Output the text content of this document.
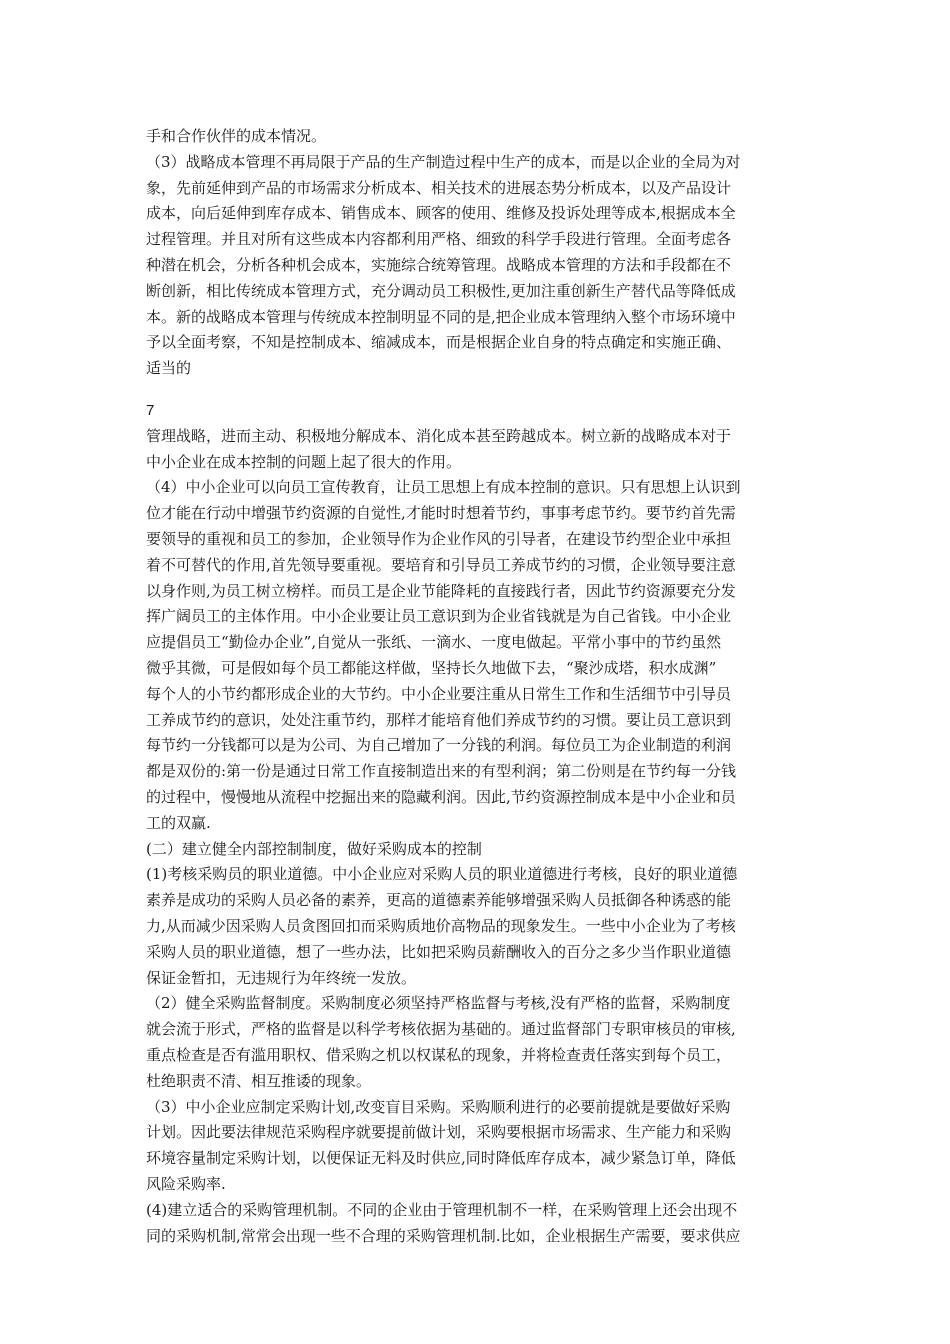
手和合作伙伴的成本情况。
（3）战略成本管理不再局限于产品的生产制造过程中生产的成本，而是以企业的全局为对
象，先前延伸到产品的市场需求分析成本、相关技术的进展态势分析成本，以及产品设计
成本，向后延伸到库存成本、销售成本、顾客的使用、维修及投诉处理等成本,根据成本全
过程管理。并且对所有这些成本内容都利用严格、细致的科学手段进行管理。全面考虑各
种潜在机会，分析各种机会成本，实施综合统筹管理。战略成本管理的方法和手段都在不
断创新，相比传统成本管理方式，充分调动员工积极性,更加注重创新生产替代品等降低成
本。新的战略成本管理与传统成本控制明显不同的是,把企业成本管理纳入整个市场环境中
予以全面考察，不知是控制成本、缩减成本，而是根据企业自身的特点确定和实施正确、
适当的
7
管理战略，进而主动、积极地分解成本、消化成本甚至跨越成本。树立新的战略成本对于
中小企业在成本控制的问题上起了很大的作用。
（4）中小企业可以向员工宣传教育，让员工思想上有成本控制的意识。只有思想上认识到
位才能在行动中增强节约资源的自觉性,才能时时想着节约，事事考虑节约。要节约首先需
要领导的重视和员工的参加，企业领导作为企业作风的引导者，在建设节约型企业中承担
着不可替代的作用,首先领导要重视。要培育和引导员工养成节约的习惯，企业领导要注意
以身作则,为员工树立榜样。而员工是企业节能降耗的直接践行者，因此节约资源要充分发
挥广阔员工的主体作用。中小企业要让员工意识到为企业省钱就是为自己省钱。中小企业
应提倡员工“勤俭办企业”,自觉从一张纸、一滴水、一度电做起。平常小事中的节约虽然
微乎其微，可是假如每个员工都能这样做，坚持长久地做下去，“聚沙成塔，积水成渊”
每个人的小节约都形成企业的大节约。中小企业要注重从日常生工作和生活细节中引导员
工养成节约的意识，处处注重节约，那样才能培育他们养成节约的习惯。要让员工意识到
每节约一分钱都可以是为公司、为自己增加了一分钱的利润。每位员工为企业制造的利润
都是双份的:第一份是通过日常工作直接制造出来的有型利润；第二份则是在节约每一分钱
的过程中，慢慢地从流程中挖掘出来的隐藏利润。因此,节约资源控制成本是中小企业和员
工的双赢.
(二）建立健全内部控制制度，做好采购成本的控制
(1)考核采购员的职业道德。中小企业应对采购人员的职业道德进行考核，良好的职业道德
素养是成功的采购人员必备的素养，更高的道德素养能够增强采购人员抵御各种诱惑的能
力,从而减少因采购人员贪图回扣而采购质地价高物品的现象发生。一些中小企业为了考核
采购人员的职业道德，想了一些办法，比如把采购员薪酬收入的百分之多少当作职业道德
保证金暂扣，无违规行为年终统一发放。
（2）健全采购监督制度。采购制度必须坚持严格监督与考核,没有严格的监督，采购制度
就会流于形式，严格的监督是以科学考核依据为基础的。通过监督部门专职审核员的审核,
重点检查是否有滥用职权、借采购之机以权谋私的现象，并将检查责任落实到每个员工，
杜绝职责不清、相互推诿的现象。
（3）中小企业应制定采购计划,改变盲目采购。采购顺利进行的必要前提就是要做好采购
计划。因此要法律规范采购程序就要提前做计划，采购要根据市场需求、生产能力和采购
环境容量制定采购计划，以便保证无料及时供应,同时降低库存成本，减少紧急订单，降低
风险采购率.
(4)建立适合的采购管理机制。不同的企业由于管理机制不一样，在采购管理上还会出现不
同的采购机制,常常会出现一些不合理的采购管理机制.比如，企业根据生产需要，要求供应
